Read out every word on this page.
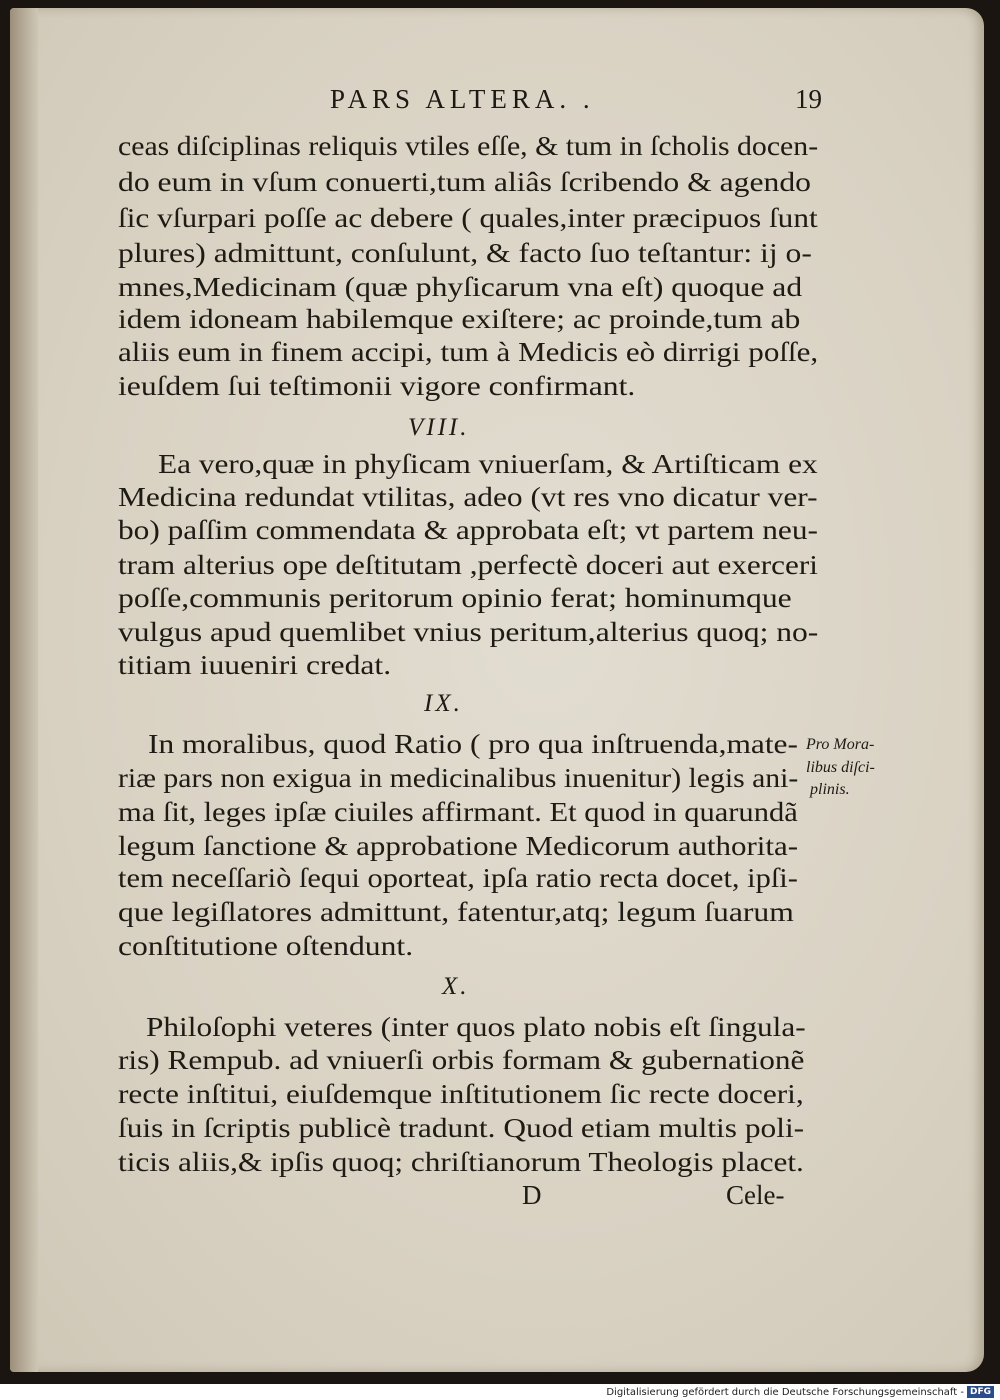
PARS ALTERA. .	19
ceas diſciplinas reliquis vtiles eſſe, & tum in ſcholis docen-
do eum in vſum conuerti,tum aliâs ſcribendo & agendo
ſic vſurpari poſſe ac debere ( quales,inter præcipuos ſunt
plures) admittunt, conſulunt, & facto ſuo teſtantur: ij o-
mnes,Medicinam (quæ phyſicarum vna eſt) quoque ad
idem idoneam habilemque exiſtere; ac proinde,tum ab
aliis eum in finem accipi, tum à Medicis eò dirrigi poſſe,
ieuſdem ſui teſtimonii vigore confirmant.
VIII.
Ea vero,quæ in phyſicam vniuerſam, & Artiſticam ex
Medicina redundat vtilitas, adeo (vt res vno dicatur ver-
bo) paſſim commendata & approbata eſt; vt partem neu-
tram alterius ope deſtitutam ,perfectè doceri aut exerceri
poſſe,communis peritorum opinio ferat; hominumque
vulgus apud quemlibet vnius peritum,alterius quoq; no-
titiam iuueniri credat.
IX.
In moralibus, quod Ratio ( pro qua inſtruenda,mate-
riæ pars non exigua in medicinalibus inuenitur) legis ani-
ma ſit, leges ipſæ ciuiles affirmant. Et quod in quarundã
legum ſanctione & approbatione Medicorum authorita-
tem neceſſariò ſequi oporteat, ipſa ratio recta docet, ipſi-
que legiſlatores admittunt, fatentur,atq; legum ſuarum
conſtitutione oſtendunt.
Pro Mora-
libus diſci-
plinis.
X.
Philoſophi veteres (inter quos plato nobis eſt ſingula-
ris) Rempub. ad vniuerſi orbis formam & gubernationẽ
recte inſtitui, eiuſdemque inſtitutionem ſic recte doceri,
ſuis in ſcriptis publicè tradunt. Quod etiam multis poli-
ticis aliis,& ipſis quoq; chriſtianorum Theologis placet.
D	Cele-
Digitalisierung gefördert durch die Deutsche Forschungsgemeinschaft - DFG
